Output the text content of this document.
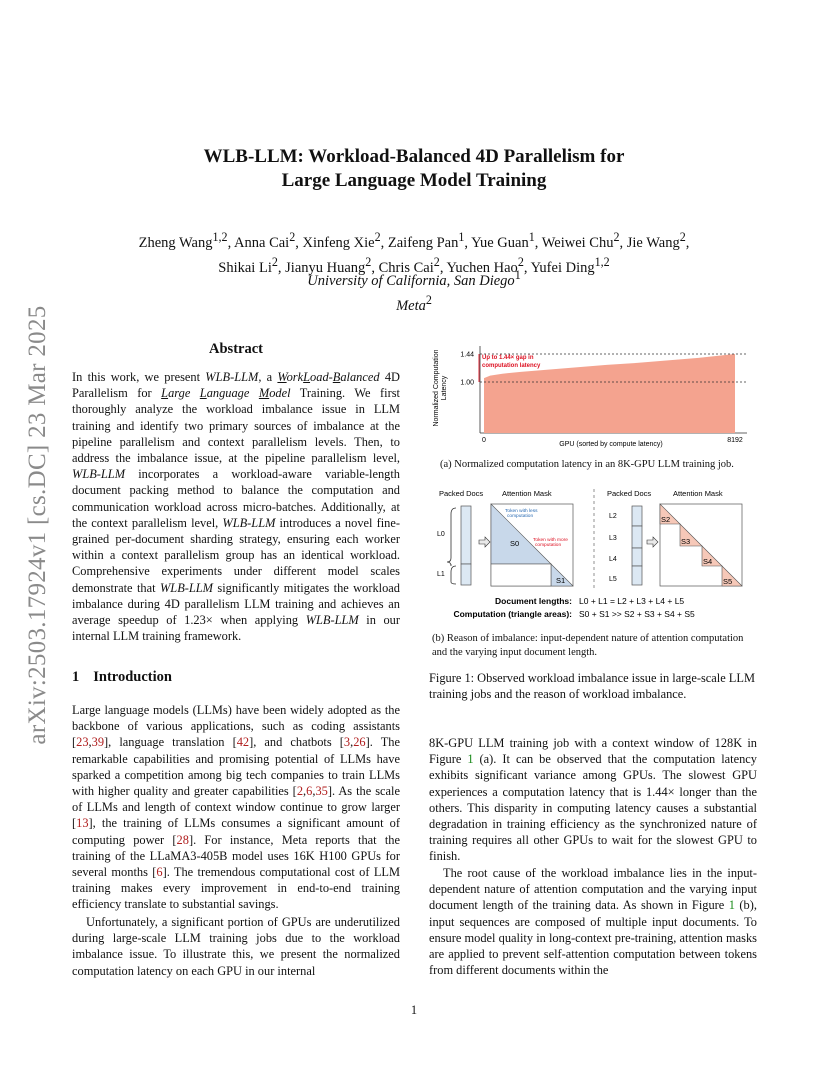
arXiv:2503.17924v1 [cs.DC] 23 Mar 2025
WLB-LLM: Workload-Balanced 4D Parallelism for
Large Language Model Training
Zheng Wang$^{1,2}$, Anna Cai$^2$, Xinfeng Xie$^2$, Zaifeng Pan$^1$, Yue Guan$^1$, Weiwei Chu$^2$, Jie Wang$^2$,
Shikai Li$^2$, Jianyu Huang$^2$, Chris Cai$^2$, Yuchen Hao$^2$, Yufei Ding$^{1,2}$
University of California, San Diego$^1$
Meta$^2$
Abstract
In this work, we present WLB-LLM, a WorkLoad-Balanced 4D Parallelism for Large Language Model Training. We first thoroughly analyze the workload imbalance issue in LLM training and identify two primary sources of imbalance at the pipeline parallelism and context parallelism levels. Then, to address the imbalance issue, at the pipeline parallelism level, WLB-LLM incorporates a workload-aware variable-length document packing method to balance the computation and communication workload across micro-batches. Additionally, at the context parallelism level, WLB-LLM introduces a novel fine-grained per-document sharding strategy, ensuring each worker within a context parallelism group has an identical workload. Comprehensive experiments under different model scales demonstrate that WLB-LLM significantly mitigates the workload imbalance during 4D parallelism LLM training and achieves an average speedup of 1.23× when applying WLB-LLM in our internal LLM training framework.
1 Introduction
Large language models (LLMs) have been widely adopted as the backbone of various applications, such as coding assistants [23,39], language translation [42], and chatbots [3,26]. The remarkable capabilities and promising potential of LLMs have sparked a competition among big tech companies to train LLMs with higher quality and greater capabilities [2,6,35]. As the scale of LLMs and length of context window continue to grow larger [13], the training of LLMs consumes a significant amount of computing power [28]. For instance, Meta reports that the training of the LLaMA3-405B model uses 16K H100 GPUs for several months [6]. The tremendous computational cost of LLM training makes every improvement in end-to-end training efficiency translate to substantial savings.
Unfortunately, a significant portion of GPUs are underutilized during large-scale LLM training jobs due to the workload imbalance issue. To illustrate this, we present the normalized computation latency on each GPU in our internal
Normalized Computation Latency
1.44
1.00
Up to 1.44× gap in
computation latency
0	8192
GPU (sorted by compute latency)
(a) Normalized computation latency in an 8K-GPU LLM training job.
Packed Docs	Attention Mask	Packed Docs	Attention Mask
L0
L1
S0
S1
Token with less
computation
Token with more
computation
L2
L3
L4
L5
S2
S3
S4
S5
Document lengths: L0 + L1 = L2 + L3 + L4 + L5
Computation (triangle areas): S0 + S1 >> S2 + S3 + S4 + S5
(b) Reason of imbalance: input-dependent nature of attention computation and the varying input document length.
Figure 1: Observed workload imbalance issue in large-scale LLM training jobs and the reason of workload imbalance.
8K-GPU LLM training job with a context window of 128K in Figure 1 (a). It can be observed that the computation latency exhibits significant variance among GPUs. The slowest GPU experiences a computation latency that is 1.44× longer than the others. This disparity in computing latency causes a substantial degradation in training efficiency as the synchronized nature of training requires all other GPUs to wait for the slowest GPU to finish.
The root cause of the workload imbalance lies in the input-dependent nature of attention computation and the varying input document length of the training data. As shown in Figure 1 (b), input sequences are composed of multiple input documents. To ensure model quality in long-context pre-training, attention masks are applied to prevent self-attention computation between tokens from different documents within the
1
